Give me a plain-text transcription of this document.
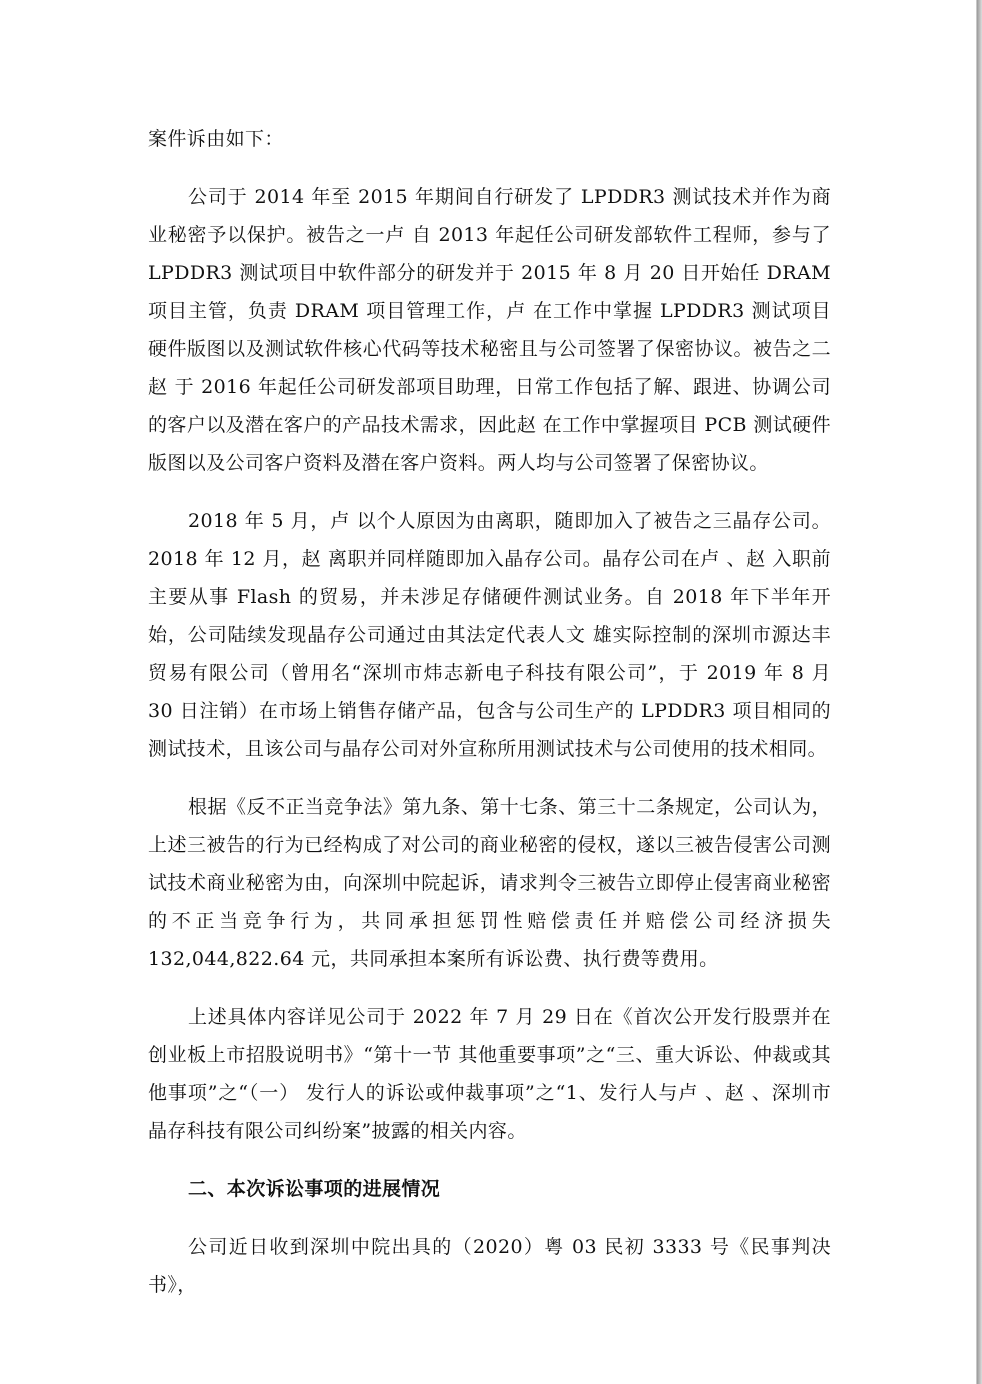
案件诉由如下：

公司于 2014 年至 2015 年期间自行研发了 LPDDR3 测试技术并作为商业秘密予以保护。被告之一卢 自 2013 年起任公司研发部软件工程师，参与了 LPDDR3 测试项目中软件部分的研发并于 2015 年 8 月 20 日开始任 DRAM 项目主管，负责 DRAM 项目管理工作，卢 在工作中掌握 LPDDR3 测试项目硬件版图以及测试软件核心代码等技术秘密且与公司签署了保密协议。被告之二赵 于 2016 年起任公司研发部项目助理，日常工作包括了解、跟进、协调公司的客户以及潜在客户的产品技术需求，因此赵 在工作中掌握项目 PCB 测试硬件版图以及公司客户资料及潜在客户资料。两人均与公司签署了保密协议。

2018 年 5 月，卢 以个人原因为由离职，随即加入了被告之三晶存公司。2018 年 12 月，赵 离职并同样随即加入晶存公司。晶存公司在卢 、赵 入职前主要从事 Flash 的贸易，并未涉足存储硬件测试业务。自 2018 年下半年开始，公司陆续发现晶存公司通过由其法定代表人文 雄实际控制的深圳市源达丰贸易有限公司（曾用名“深圳市炜志新电子科技有限公司”，于 2019 年 8 月 30 日注销）在市场上销售存储产品，包含与公司生产的 LPDDR3 项目相同的测试技术，且该公司与晶存公司对外宣称所用测试技术与公司使用的技术相同。

根据《反不正当竞争法》第九条、第十七条、第三十二条规定，公司认为，上述三被告的行为已经构成了对公司的商业秘密的侵权，遂以三被告侵害公司测试技术商业秘密为由，向深圳中院起诉，请求判令三被告立即停止侵害商业秘密的不正当竞争行为，共同承担惩罚性赔偿责任并赔偿公司经济损失 132,044,822.64 元，共同承担本案所有诉讼费、执行费等费用。

上述具体内容详见公司于 2022 年 7 月 29 日在《首次公开发行股票并在创业板上市招股说明书》“第十一节 其他重要事项”之“三、重大诉讼、仲裁或其他事项”之“（一） 发行人的诉讼或仲裁事项”之“1、发行人与卢 、赵 、深圳市晶存科技有限公司纠纷案”披露的相关内容。

二、本次诉讼事项的进展情况

公司近日收到深圳中院出具的（2020）粤 03 民初 3333 号《民事判决书》，
